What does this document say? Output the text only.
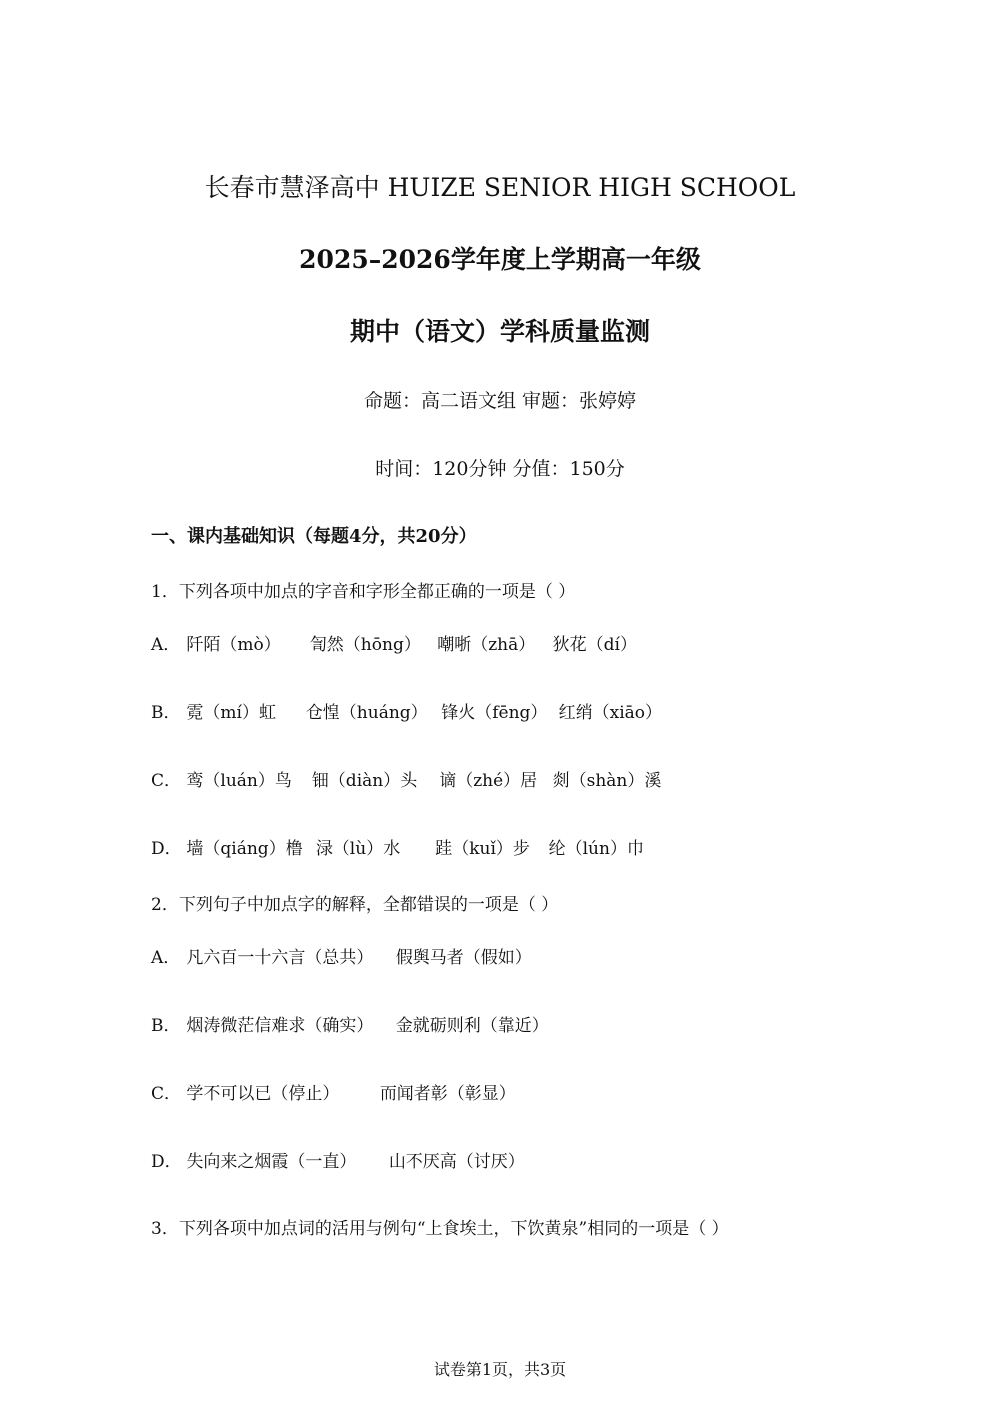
长春市慧泽高中 HUIZE SENIOR HIGH SCHOOL
2025–2026学年度上学期高一年级
期中（语文）学科质量监测
命题：高二语文组 审题：张婷婷
时间：120分钟 分值：150分
一、课内基础知识（每题4分，共20分）
1．下列各项中加点的字音和字形全都正确的一项是（ ）
A． 阡陌（mò） 訇然（hōng） 嘲哳（zhā） 狄花（dí）
B． 霓（mí）虹 仓惶（huáng） 锋火（fēng） 红绡（xiāo）
C． 鸾（luán）鸟 钿（diàn）头 谪（zhé）居 剡（shàn）溪
D． 墙（qiáng）橹 渌（lù）水 跬（kuǐ）步 纶（lún）巾
2．下列句子中加点字的解释，全都错误的一项是（ ）
A． 凡六百一十六言（总共） 假舆马者（假如）
B． 烟涛微茫信难求（确实） 金就砺则利（靠近）
C． 学不可以已（停止） 而闻者彰（彰显）
D． 失向来之烟霞（一直） 山不厌高（讨厌）
3．下列各项中加点词的活用与例句“上食埃土，下饮黄泉”相同的一项是（ ）
试卷第1页，共3页
